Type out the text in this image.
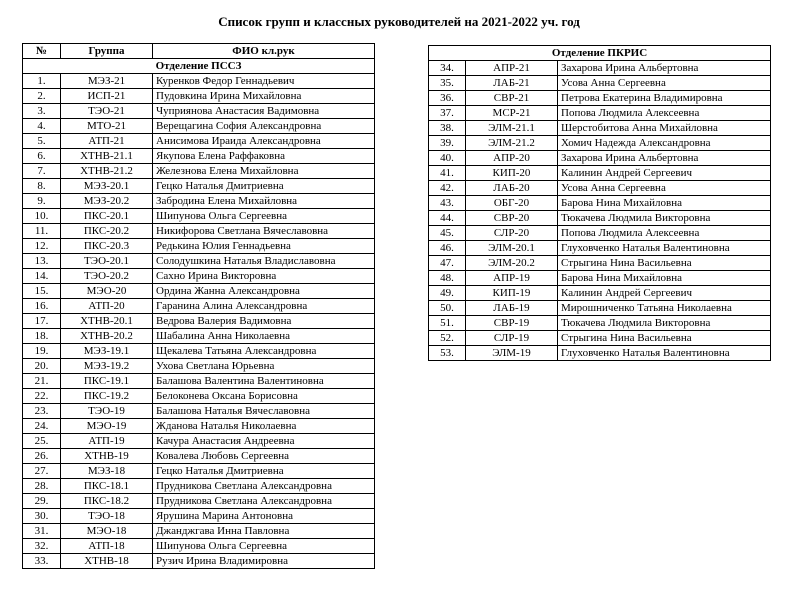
Список групп и классных руководителей на 2021-2022 уч. год
№	Группа	ФИО кл.рук
Отделение ПССЗ		
1.	МЭЗ-21	Куренков Федор Геннадьевич
2.	ИСП-21	Пудовкина Ирина Михайловна
3.	ТЭО-21	Чуприянова Анастасия Вадимовна
4.	МТО-21	Верещагина София Александровна
5.	АТП-21	Анисимова Ираида Александровна
6.	ХТНВ-21.1	Якупова Елена Раффаковна
7.	ХТНВ-21.2	Железнова Елена Михайловна
8.	МЭЗ-20.1	Гецко Наталья Дмитриевна
9.	МЭЗ-20.2	Забродина Елена Михайловна
10.	ПКС-20.1	Шипунова Ольга Сергеевна
11.	ПКС-20.2	Никифорова Светлана Вячеславовна
12.	ПКС-20.3	Редькина Юлия Геннадьевна
13.	ТЭО-20.1	Солодушкина Наталья Владиславовна
14.	ТЭО-20.2	Сахно Ирина Викторовна
15.	МЭО-20	Ордина Жанна Александровна
16.	АТП-20	Гаранина Алина Александровна
17.	ХТНВ-20.1	Ведрова Валерия Вадимовна
18.	ХТНВ-20.2	Шабалина Анна Николаевна
19.	МЭЗ-19.1	Щекалева Татьяна Александровна
20.	МЭЗ-19.2	Ухова Светлана Юрьевна
21.	ПКС-19.1	Балашова Валентина Валентиновна
22.	ПКС-19.2	Белоконева Оксана Борисовна
23.	ТЭО-19	Балашова Наталья Вячеславовна
24.	МЭО-19	Жданова Наталья Николаевна
25.	АТП-19	Качура Анастасия Андреевна
26.	ХТНВ-19	Ковалева Любовь Сергеевна
27.	МЭЗ-18	Гецко Наталья Дмитриевна
28.	ПКС-18.1	Прудникова Светлана Александровна
29.	ПКС-18.2	Прудникова Светлана Александровна
30.	ТЭО-18	Ярушина Марина Антоновна
31.	МЭО-18	Джанджгава Инна Павловна
32.	АТП-18	Шипунова Ольга Сергеевна
33.	ХТНВ-18	Рузич Ирина Владимировна
Отделение ПКРИС		
34.	АПР-21	Захарова Ирина Альбертовна
35.	ЛАБ-21	Усова Анна Сергеевна
36.	СВР-21	Петрова Екатерина Владимировна
37.	МСР-21	Попова Людмила Алексеевна
38.	ЭЛМ-21.1	Шерстобитова Анна Михайловна
39.	ЭЛМ-21.2	Хомич Надежда Александровна
40.	АПР-20	Захарова Ирина Альбертовна
41.	КИП-20	Калинин Андрей Сергеевич
42.	ЛАБ-20	Усова Анна Сергеевна
43.	ОБГ-20	Барова Нина Михайловна
44.	СВР-20	Тюкачева Людмила Викторовна
45.	СЛР-20	Попова Людмила Алексеевна
46.	ЭЛМ-20.1	Глуховченко Наталья Валентиновна
47.	ЭЛМ-20.2	Стрыгина Нина Васильевна
48.	АПР-19	Барова Нина Михайловна
49.	КИП-19	Калинин Андрей Сергеевич
50.	ЛАБ-19	Мирошниченко Татьяна Николаевна
51.	СВР-19	Тюкачева Людмила Викторовна
52.	СЛР-19	Стрыгина Нина Васильевна
53.	ЭЛМ-19	Глуховченко Наталья Валентиновна
